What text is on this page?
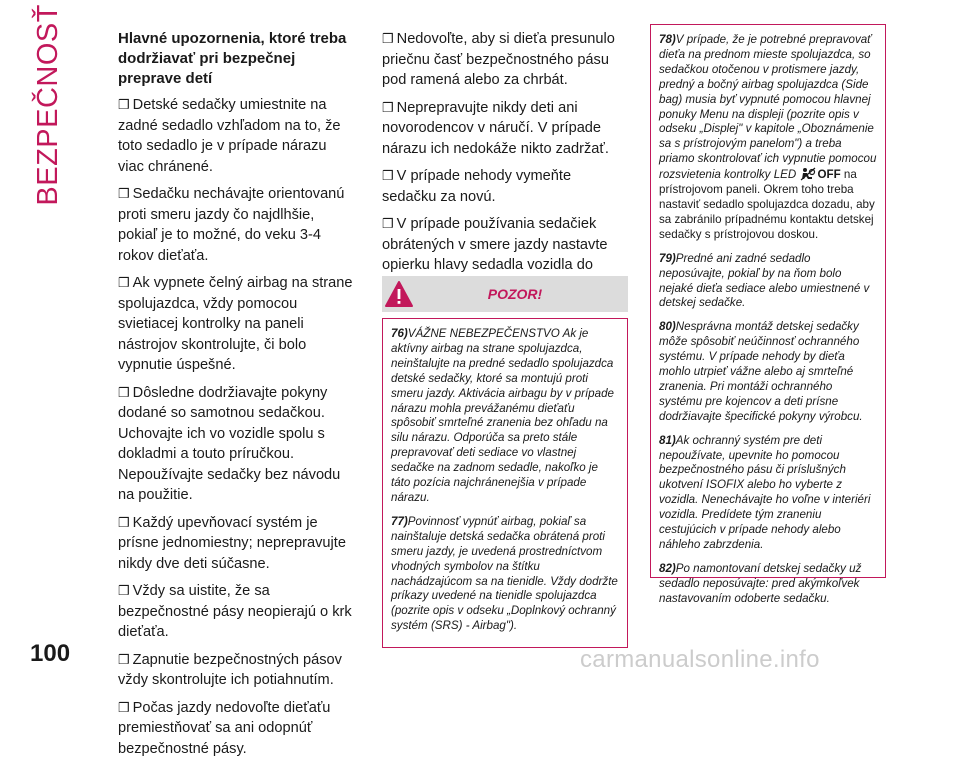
BEZPEČNOSŤ	Hlavné upozornenia, ktoré treba dodržiavať pri bezpečnej preprave detí

❒ Detské sedačky umiestnite na zadné sedadlo vzhľadom na to, že toto sedadlo je v prípade nárazu viac chránené.

❒ Sedačku nechávajte orientovanú proti smeru jazdy čo najdlhšie, pokiaľ je to možné, do veku 3-4 rokov dieťaťa.

❒ Ak vypnete čelný airbag na strane spolujazdca, vždy pomocou svietiacej kontrolky na paneli nástrojov skontrolujte, či bolo vypnutie úspešné.

❒ Dôsledne dodržiavajte pokyny dodané so samotnou sedačkou. Uchovajte ich vo vozidle spolu s dokladmi a touto príručkou. Nepoužívajte sedačky bez návodu na použitie.

❒ Každý upevňovací systém je prísne jednomiestny; neprepravujte nikdy dve deti súčasne.

❒ Vždy sa uistite, že sa bezpečnostné pásy neopierajú o krk dieťaťa.

❒ Zapnutie bezpečnostných pásov vždy skontrolujte ich potiahnutím.

❒ Počas jazdy nedovoľte dieťaťu premiestňovať sa ani odopnúť bezpečnostné pásy.

❒ Nedovoľte, aby si dieťa presunulo priečnu časť bezpečnostného pásu pod ramená alebo za chrbát.

❒ Neprepravujte nikdy deti ani novorodencov v náručí. V prípade nárazu ich nedokáže nikto zadržať.

❒ V prípade nehody vymeňte sedačku za novú.

❒ V prípade používania sedačiek obrátených v smere jazdy nastavte opierku hlavy sedadla vozidla do

POZOR!

76)VÁŽNE NEBEZPEČENSTVO Ak je aktívny airbag na strane spolujazdca, neinštalujte na predné sedadlo spolujazdca detské sedačky, ktoré sa montujú proti smeru jazdy. Aktivácia airbagu by v prípade nárazu mohla prevážanému dieťaťu spôsobiť smrteľné zranenia bez ohľadu na silu nárazu. Odporúča sa preto stále prepravovať deti sediace vo vlastnej sedačke na zadnom sedadle, nakoľko je táto pozícia najchránenejšia v prípade nárazu.

77)Povinnosť vypnúť airbag, pokiaľ sa nainštaluje detská sedačka obrátená proti smeru jazdy, je uvedená prostredníctvom vhodných symbolov na štítku nachádzajúcom sa na tienidle. Vždy dodržte príkazy uvedené na tienidle spolujazdca (pozrite opis v odseku „Doplnkový ochranný systém (SRS) - Airbag").

78)V prípade, že je potrebné prepravovať dieťa na prednom mieste spolujazdca, so sedačkou otočenou v protismere jazdy, predný a bočný airbag spolujazdca (Side bag) musia byť vypnuté pomocou hlavnej ponuky Menu na displeji (pozrite opis v odseku „Displej" v kapitole „Oboznámenie sa s prístrojovým panelom") a treba priamo skontrolovať ich vypnutie pomocou rozsvietenia kontrolky LED OFF na prístrojovom paneli. Okrem toho treba nastaviť sedadlo spolujazdca dozadu, aby sa zabránilo prípadnému kontaktu detskej sedačky s prístrojovou doskou.

79)Predné ani zadné sedadlo neposúvajte, pokiaľ by na ňom bolo nejaké dieťa sediace alebo umiestnené v detskej sedačke.

80)Nesprávna montáž detskej sedačky môže spôsobiť neúčinnosť ochranného systému. V prípade nehody by dieťa mohlo utrpieť vážne alebo aj smrteľné zranenia. Pri montáži ochranného systému pre kojencov a deti prísne dodržiavajte špecifické pokyny výrobcu.

81)Ak ochranný systém pre deti nepoužívate, upevnite ho pomocou bezpečnostného pásu či príslušných ukotvení ISOFIX alebo ho vyberte z vozidla. Nenechávajte ho voľne v interiéri vozidla. Predídete tým zraneniu cestujúcich v prípade nehody alebo náhleho zabrzdenia.

82)Po namontovaní detskej sedačky už sedadlo neposúvajte: pred akýmkoľvek nastavovaním odoberte sedačku.

100	carmanualsonline.info
